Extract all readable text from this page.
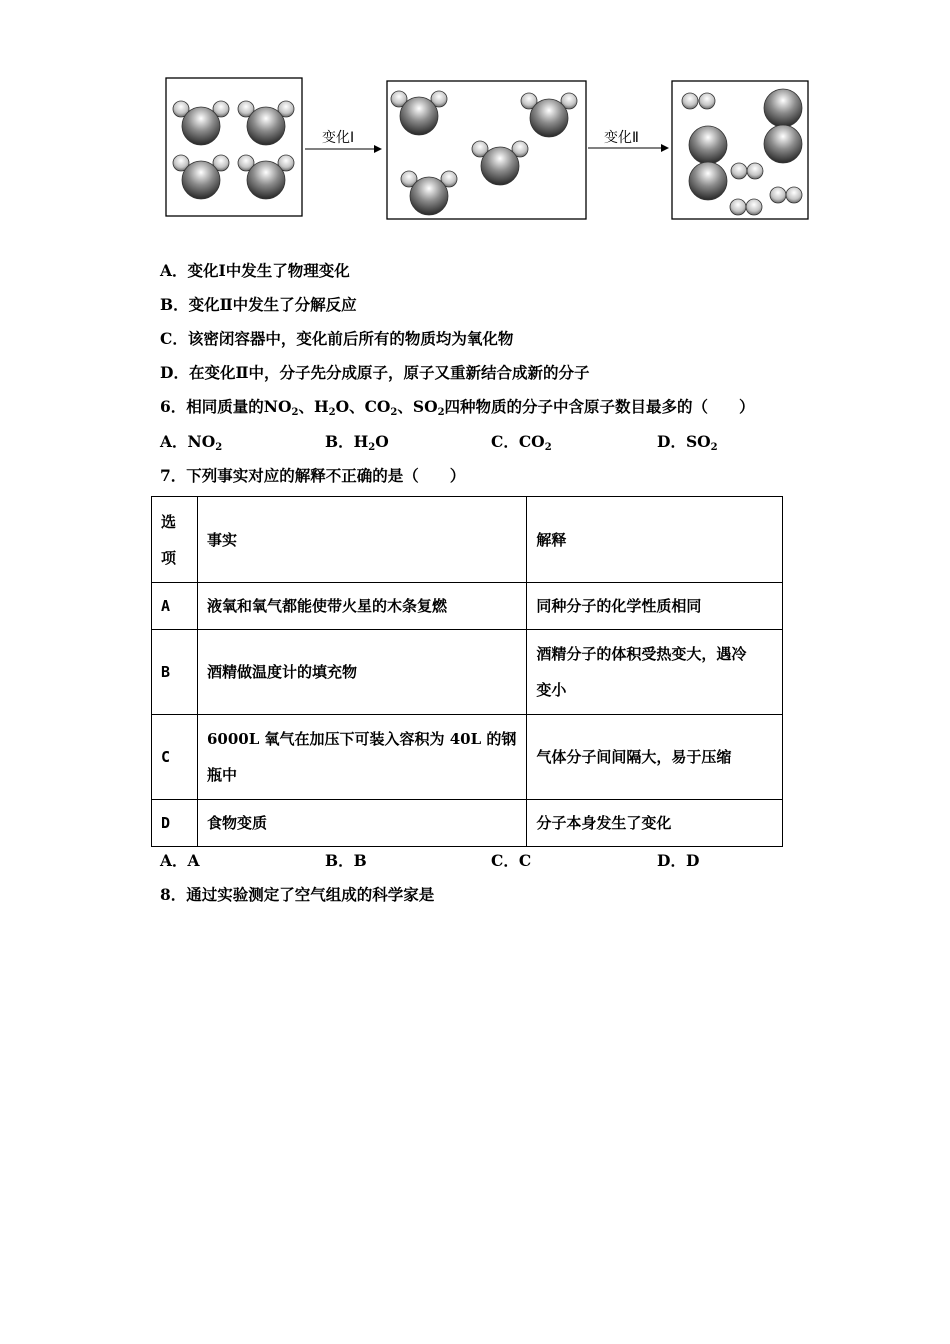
变化Ⅰ	变化Ⅱ
A．变化Ⅰ中发生了物理变化
B．变化Ⅱ中发生了分解反应
C．该密闭容器中，变化前后所有的物质均为氧化物
D．在变化Ⅱ中，分子先分成原子，原子又重新结合成新的分子
6．相同质量的$NO_2$、$H_2O$、$CO_2$、$SO_2$四种物质的分子中含原子数目最多的（　　）
A．$NO_2$	B．$H_2O$	C．$CO_2$	D．$SO_2$
7．下列事实对应的解释不正确的是（　　）
选
项	事实	解释
A	液氧和氧气都能使带火星的木条复燃	同种分子的化学性质相同
B	酒精做温度计的填充物	酒精分子的体积受热变大，遇冷
变小
C	6000L 氧气在加压下可装入容积为 40L 的钢
瓶中	气体分子间间隔大，易于压缩
D	食物变质	分子本身发生了变化
A．A	B．B	C．C	D．D
8．通过实验测定了空气组成的科学家是
